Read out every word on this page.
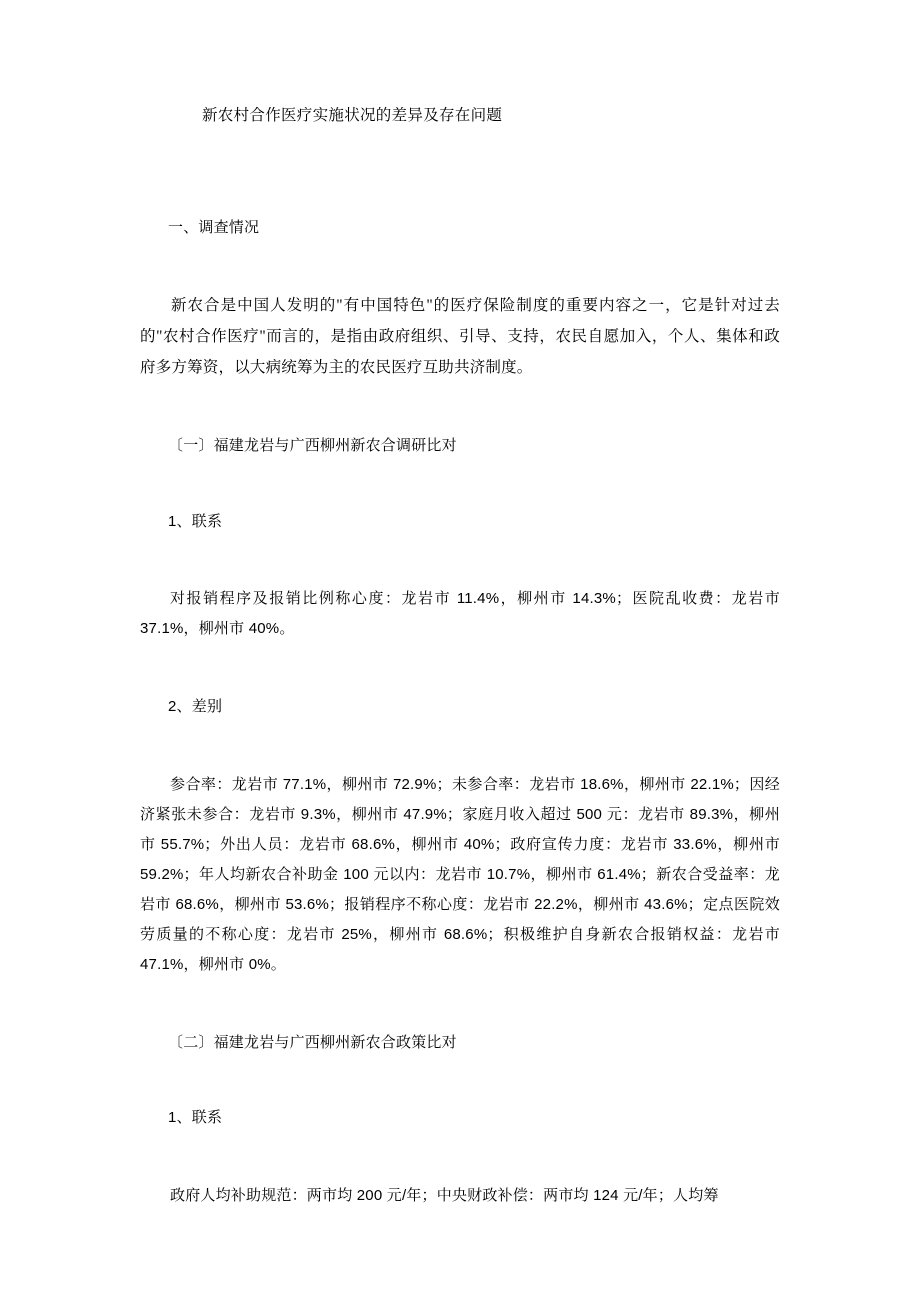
新农村合作医疗实施状况的差异及存在问题
一、调查情况
新农合是中国人发明的"有中国特色"的医疗保险制度的重要内容之一，它是针对过去的"农村合作医疗"而言的，是指由政府组织、引导、支持，农民自愿加入，个人、集体和政府多方筹资，以大病统筹为主的农民医疗互助共济制度。
〔一〕福建龙岩与广西柳州新农合调研比对
1、联系
对报销程序及报销比例称心度：龙岩市 11.4%，柳州市 14.3%；医院乱收费：龙岩市 37.1%，柳州市 40%。
2、差别
参合率：龙岩市 77.1%，柳州市 72.9%；未参合率：龙岩市 18.6%，柳州市 22.1%；因经济紧张未参合：龙岩市 9.3%，柳州市 47.9%；家庭月收入超过 500 元：龙岩市 89.3%，柳州市 55.7%；外出人员：龙岩市 68.6%，柳州市 40%；政府宣传力度：龙岩市 33.6%，柳州市 59.2%；年人均新农合补助金 100 元以内：龙岩市 10.7%，柳州市 61.4%；新农合受益率：龙岩市 68.6%，柳州市 53.6%；报销程序不称心度：龙岩市 22.2%，柳州市 43.6%；定点医院效劳质量的不称心度：龙岩市 25%，柳州市 68.6%；积极维护自身新农合报销权益：龙岩市 47.1%，柳州市 0%。
〔二〕福建龙岩与广西柳州新农合政策比对
1、联系
政府人均补助规范：两市均 200 元/年；中央财政补偿：两市均 124 元/年；人均筹
